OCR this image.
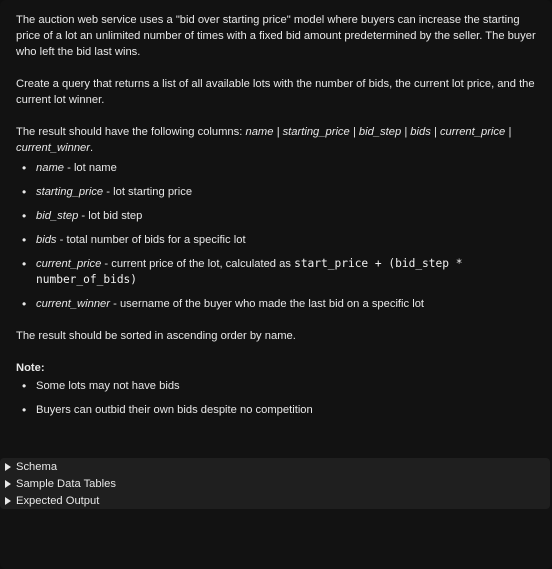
The auction web service uses a "bid over starting price" model where buyers can increase the starting price of a lot an unlimited number of times with a fixed bid amount predetermined by the seller. The buyer who left the bid last wins.

Create a query that returns a list of all available lots with the number of bids, the current lot price, and the current lot winner.

The result should have the following columns: name | starting_price | bid_step | bids | current_price | current_winner.

• name - lot name
• starting_price - lot starting price
• bid_step - lot bid step
• bids - total number of bids for a specific lot
• current_price - current price of the lot, calculated as start_price + (bid_step * number_of_bids)
• current_winner - username of the buyer who made the last bid on a specific lot

The result should be sorted in ascending order by name.

Note:

• Some lots may not have bids
• Buyers can outbid their own bids despite no competition
Schema
Sample Data Tables
Expected Output
